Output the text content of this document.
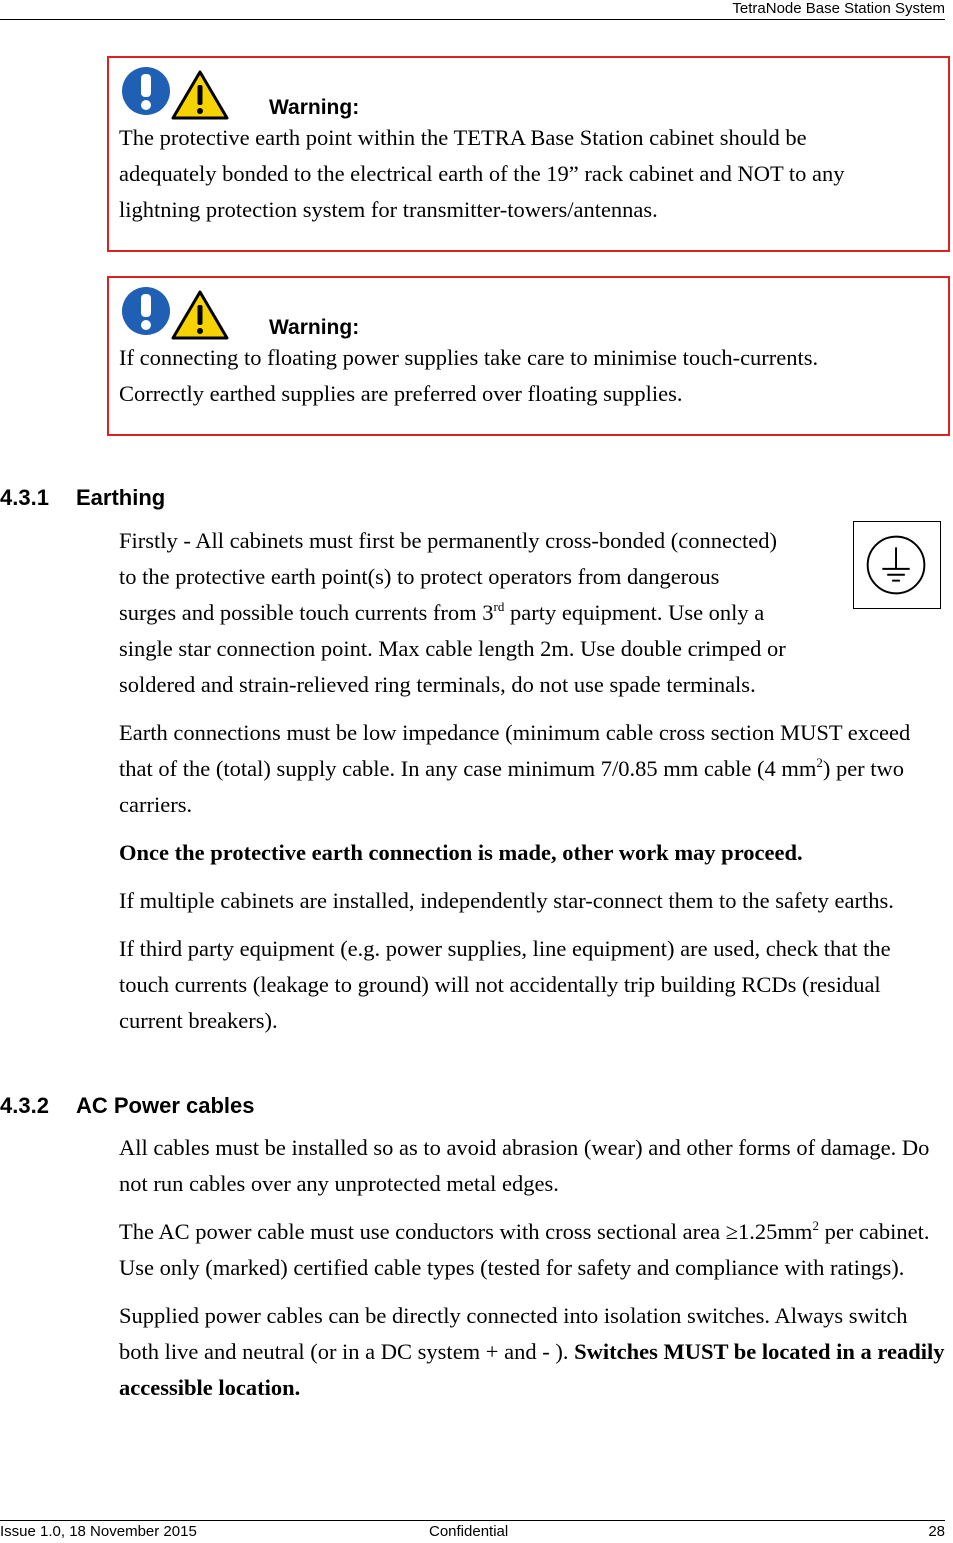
TetraNode Base Station System
Warning:

The protective earth point within the TETRA Base Station cabinet should be

adequately bonded to the electrical earth of the 19” rack cabinet and NOT to any

lightning protection system for transmitter-towers/antennas.

Warning:

If connecting to floating power supplies take care to minimise touch-currents.

Correctly earthed supplies are preferred over floating supplies.

4.3.1 Earthing
Firstly - All cabinets must first be permanently cross-bonded (connected)
to the protective earth point(s) to protect operators from dangerous
surges and possible touch currents from 3rd party equipment. Use only a
single star connection point. Max cable length 2m. Use double crimped or
soldered and strain-relieved ring terminals, do not use spade terminals.

Earth connections must be low impedance (minimum cable cross section MUST exceed that of the (total) supply cable. In any case minimum 7/0.85 mm cable (4 $mm^2$) per two carriers.

Once the protective earth connection is made, other work may proceed.

If multiple cabinets are installed, independently star-connect them to the safety earths.

If third party equipment (e.g. power supplies, line equipment) are used, check that the touch currents (leakage to ground) will not accidentally trip building RCDs (residual current breakers).

4.3.2 AC Power cables

All cables must be installed so as to avoid abrasion (wear) and other forms of damage. Do not run cables over any unprotected metal edges.

The AC power cable must use conductors with cross sectional area $\ge 1.25mm^2$ per cabinet. Use only (marked) certified cable types (tested for safety and compliance with ratings).

Supplied power cables can be directly connected into isolation switches. Always switch both live and neutral (or in a DC system + and - ). Switches MUST be located in a readily accessible location.

Issue 1.0, 18 November 2015	Confidential	28
